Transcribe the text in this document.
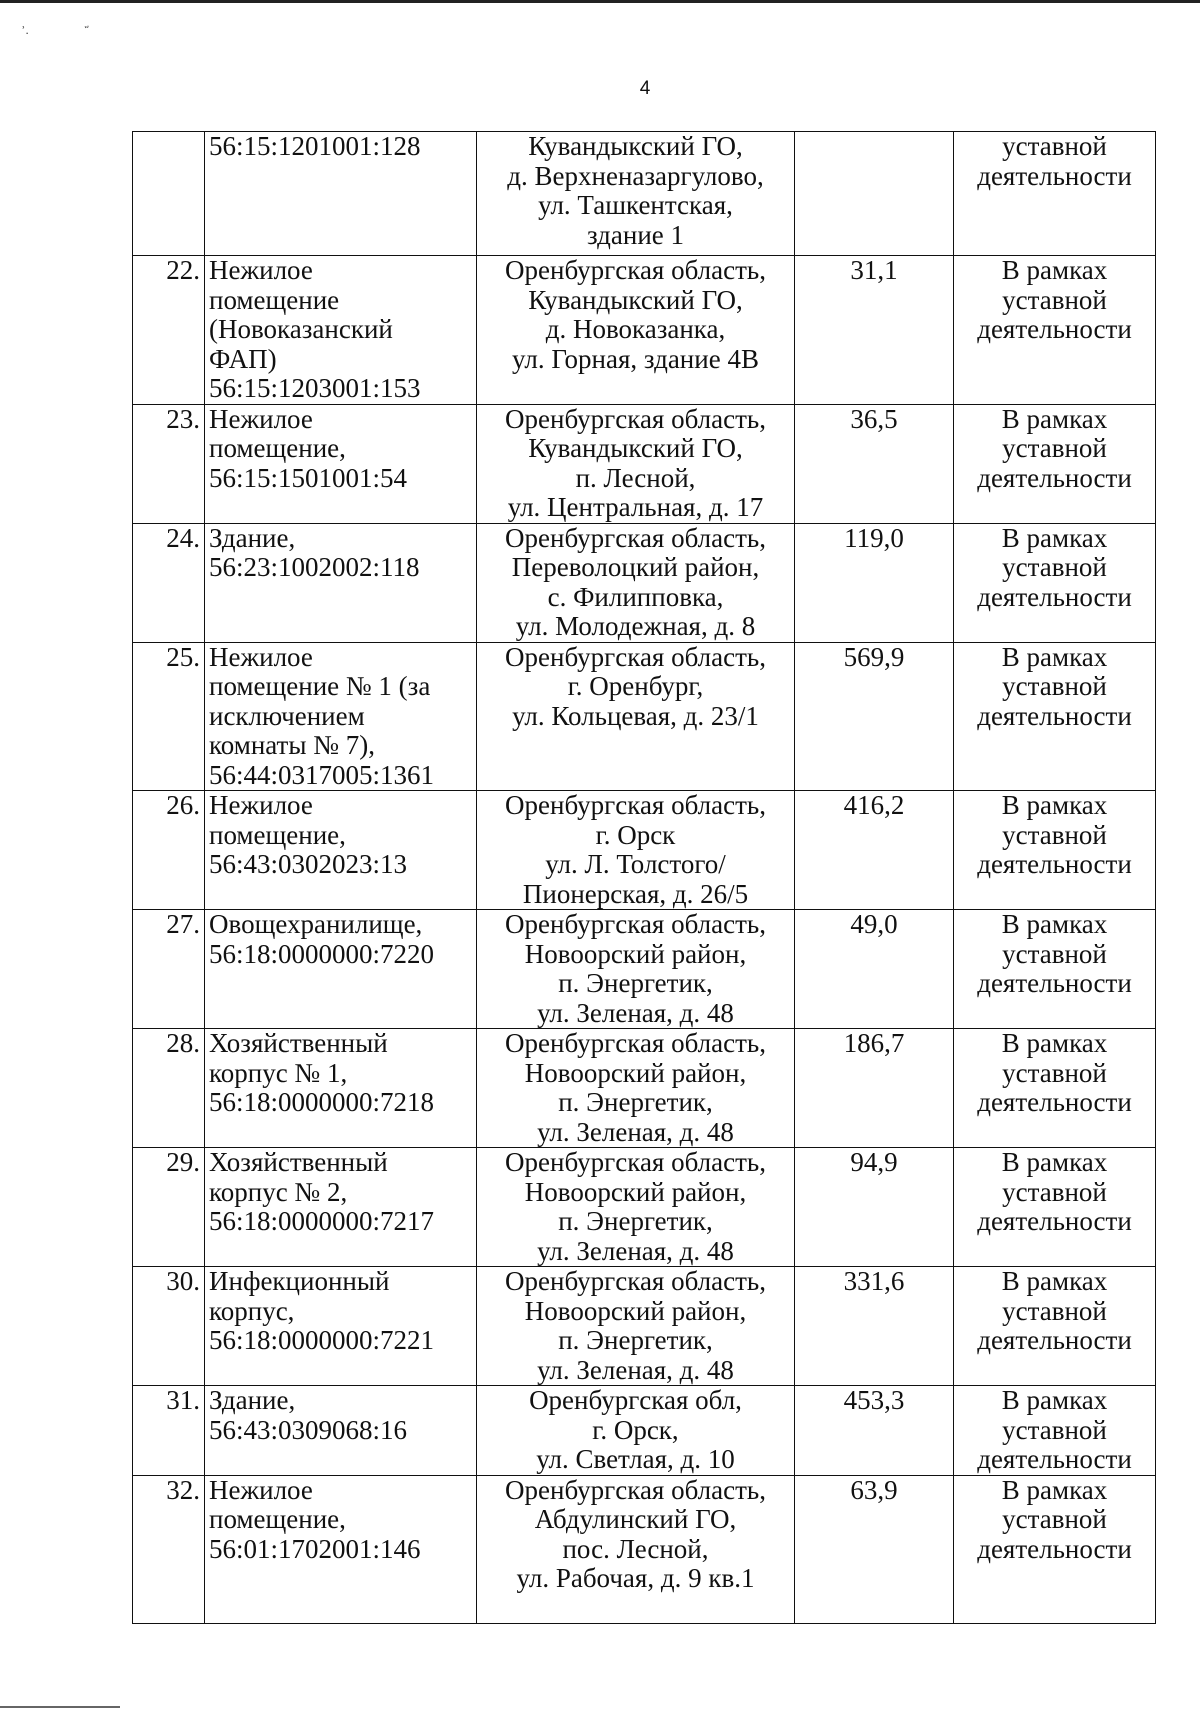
ʾ.	ˑ̛
4

	56:15:1201001:128	Кувандыкский ГО,
д. Верхненазаргулово,
ул. Ташкентская,
здание 1		уставной
деятельности

22.	Нежилое
помещение
(Новоказанский
ФАП)
56:15:1203001:153	Оренбургская область,
Кувандыкский ГО,
д. Новоказанка,
ул. Горная, здание 4В	31,1	В рамках
уставной
деятельности

23.	Нежилое
помещение,
56:15:1501001:54	Оренбургская область,
Кувандыкский ГО,
п. Лесной,
ул. Центральная, д. 17	36,5	В рамках
уставной
деятельности

24.	Здание,
56:23:1002002:118	Оренбургская область,
Переволоцкий район,
с. Филипповка,
ул. Молодежная, д. 8	119,0	В рамках
уставной
деятельности

25.	Нежилое
помещение № 1 (за
исключением
комнаты № 7),
56:44:0317005:1361	Оренбургская область,
г. Оренбург,
ул. Кольцевая, д. 23/1	569,9	В рамках
уставной
деятельности

26.	Нежилое
помещение,
56:43:0302023:13	Оренбургская область,
г. Орск
ул. Л. Толстого/
Пионерская, д. 26/5	416,2	В рамках
уставной
деятельности

27.	Овощехранилище,
56:18:0000000:7220	Оренбургская область,
Новоорский район,
п. Энергетик,
ул. Зеленая, д. 48	49,0	В рамках
уставной
деятельности

28.	Хозяйственный
корпус № 1,
56:18:0000000:7218	Оренбургская область,
Новоорский район,
п. Энергетик,
ул. Зеленая, д. 48	186,7	В рамках
уставной
деятельности

29.	Хозяйственный
корпус № 2,
56:18:0000000:7217	Оренбургская область,
Новоорский район,
п. Энергетик,
ул. Зеленая, д. 48	94,9	В рамках
уставной
деятельности

30.	Инфекционный
корпус,
56:18:0000000:7221	Оренбургская область,
Новоорский район,
п. Энергетик,
ул. Зеленая, д. 48	331,6	В рамках
уставной
деятельности

31.	Здание,
56:43:0309068:16	Оренбургская обл,
г. Орск,
ул. Светлая, д. 10	453,3	В рамках
уставной
деятельности

32.	Нежилое
помещение,
56:01:1702001:146	Оренбургская область,
Абдулинский ГО,
пос. Лесной,
ул. Рабочая, д. 9 кв.1	63,9	В рамках
уставной
деятельности
